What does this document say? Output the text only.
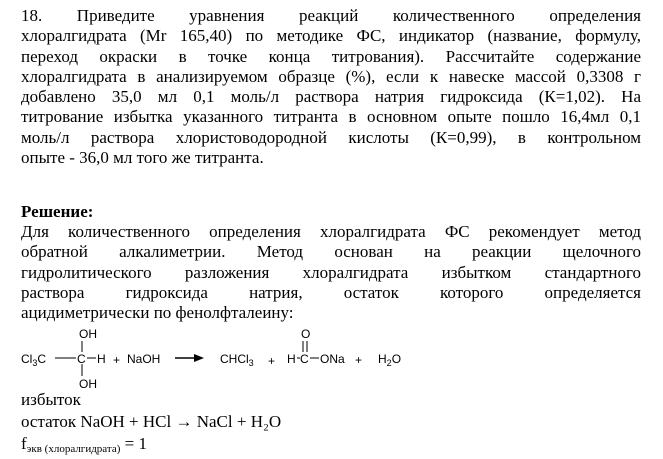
18. Приведите уравнения реакций количественного определения
хлоралгидрата (Mr 165,40) по методике ФС, индикатор (название, формулу,
переход окраски в точке конца титрования). Рассчитайте содержание
хлоралгидрата в анализируемом образце (%), если к навеске массой 0,3308 г
добавлено 35,0 мл 0,1 моль/л раствора натрия гидроксида (К=1,02). На
титрование избытка указанного титранта в основном опыте пошло 16,4мл 0,1
моль/л раствора хлористоводородной кислоты (К=0,99), в контрольном
опыте - 36,0 мл того же титранта.
Решение:
Для количественного определения хлоралгидрата ФС рекомендует метод
обратной алкалиметрии. Метод основан на реакции щелочного
гидролитического разложения хлоралгидрата избытком стандартного
раствора гидроксида натрия, остаток которого определяется
ацидиметрически по фенолфталеину:
OH
$Cl_3C$	C H
OH
+ NaOH	CHCl$_3$ +
O
H C ONa + $H_2O$
избыток
остаток NaOH + HCl → NaCl + H₂O
$f_{экв (хлоралгидрата)} = 1$
